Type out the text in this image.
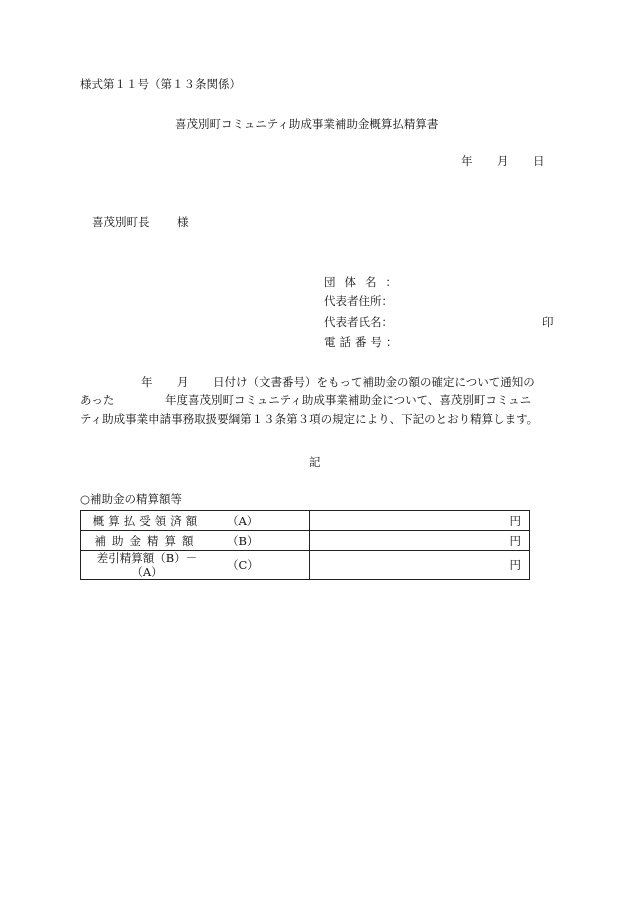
様式第１１号（第１３条関係）
喜茂別町コミュニティ助成事業補助金概算払精算書
年 月 日
喜茂別町長 様
団体名：
代表者住所：
代表者氏名：	印
電話番号：
年 月 日付け（文書番号）をもって補助金の額の確定について通知の
あった	年度喜茂別町コミュニティ助成事業補助金について、喜茂別町コミュニ
ティ助成事業申請事務取扱要綱第１３条第３項の規定により、下記のとおり精算します。
記
○補助金の精算額等
概算払受領済額	（A）	円
補助金精算額	（B）	円
差引精算額（B）－（A）	（C）	円
